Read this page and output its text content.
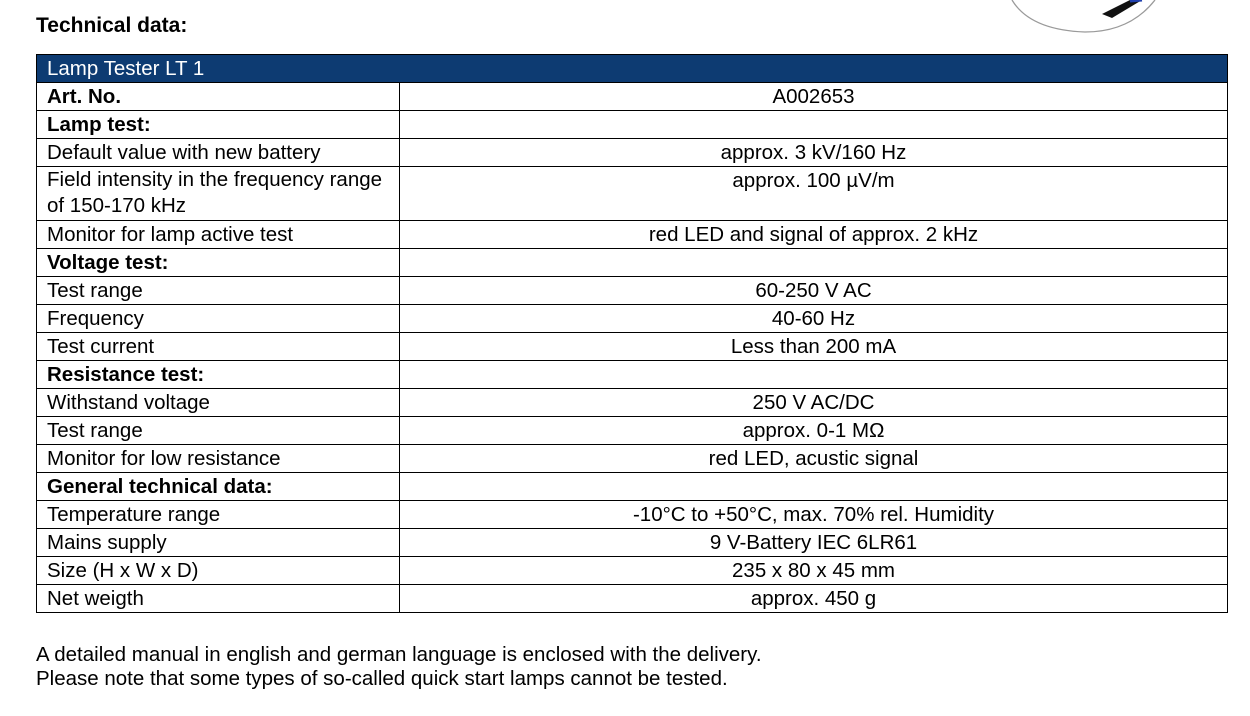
Technical data:
Lamp Tester LT 1	
Art. No.	A002653
Lamp test:	
Default value with new battery	approx. 3 kV/160 Hz
Field intensity in the frequency range of 150-170 kHz	approx. 100 µV/m
Monitor for lamp active test	red LED and signal of approx. 2 kHz
Voltage test:	
Test range	60-250 V AC
Frequency	40-60 Hz
Test current	Less than 200 mA
Resistance test:	
Withstand voltage	250 V AC/DC
Test range	approx. 0-1 MΩ
Monitor for low resistance	red LED, acustic signal
General technical data:	
Temperature range	-10°C to +50°C, max. 70% rel. Humidity
Mains supply	9 V-Battery IEC 6LR61
Size (H x W x D)	235 x 80 x 45 mm
Net weigth	approx. 450 g
A detailed manual in english and german language is enclosed with the delivery.
Please note that some types of so-called quick start lamps cannot be tested.
